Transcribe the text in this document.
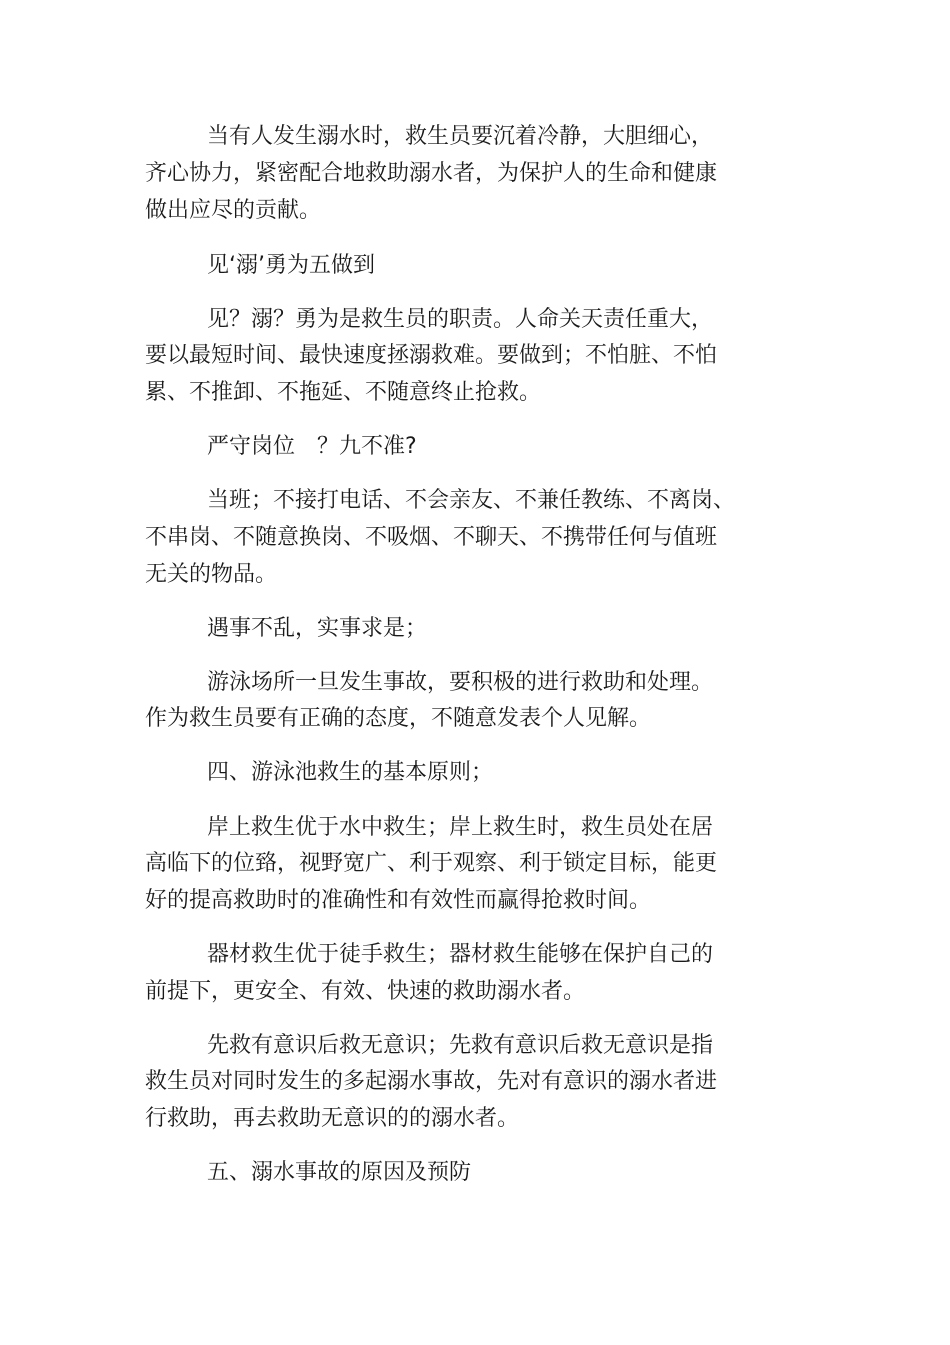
当有人发生溺水时，救生员要沉着冷静，大胆细心，

齐心协力，紧密配合地救助溺水者，为保护人的生命和健康

做出应尽的贡献。

见‘溺’勇为五做到

见？溺？勇为是救生员的职责。人命关天责任重大，

要以最短时间、最快速度拯溺救难。要做到；不怕脏、不怕

累、不推卸、不拖延、不随意终止抢救。

严守岗位　？九不准?

当班；不接打电话、不会亲友、不兼任教练、不离岗、

不串岗、不随意换岗、不吸烟、不聊天、不携带任何与值班

无关的物品。

遇事不乱，实事求是；

游泳场所一旦发生事故，要积极的进行救助和处理。

作为救生员要有正确的态度，不随意发表个人见解。

四、游泳池救生的基本原则；

岸上救生优于水中救生；岸上救生时，救生员处在居

高临下的位臵，视野宽广、利于观察、利于锁定目标，能更

好的提高救助时的准确性和有效性而赢得抢救时间。

器材救生优于徒手救生；器材救生能够在保护自己的

前提下，更安全、有效、快速的救助溺水者。

先救有意识后救无意识；先救有意识后救无意识是指

救生员对同时发生的多起溺水事故，先对有意识的溺水者进

行救助，再去救助无意识的的溺水者。

五、溺水事故的原因及预防
